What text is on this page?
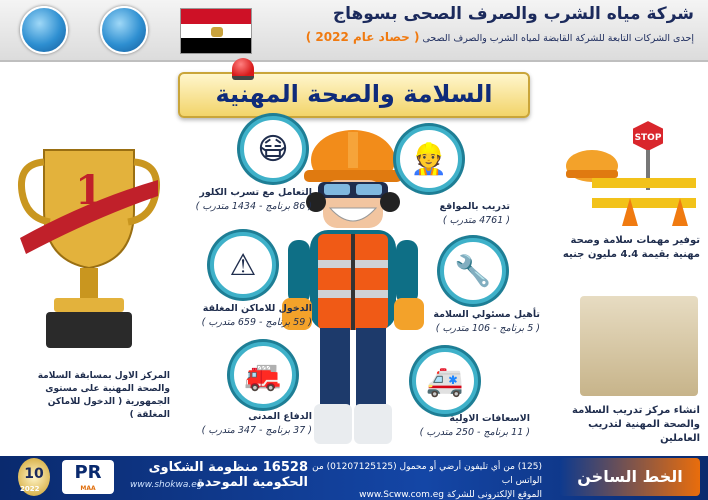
شركة مياه الشرب والصرف الصحى بسوهاج
إحدى الشركات التابعة للشركة القابضة لمياه الشرب والصرف الصحى ( حصاد عام 2022 )
السلامة والصحة المهنية
😷
التعامل مع تسرب الكلور
( 86 برنامج - 1434 متدرب )
👷
تدريب بالمواقع
( 4761 متدرب )
⚠
الدخول للاماكن المغلقة
( 59 برنامج - 659 متدرب )
🔧
تأهيل مسئولي السلامة
( 5 برنامج - 106 متدرب )
🚒
الدفاع المدنى
( 37 برنامج - 347 متدرب )
🚑
الاسعافات الاولية
( 11 برنامج - 250 متدرب )
1
المركز الاول بمسابقة السلامة والصحة المهنية على مستوى الجمهورية ( الدخول للاماكن المغلقة )
STOP
توفير مهمات سلامة وصحة مهنية بقيمة 4.4 مليون جنيه
انشاء مركز تدريب السلامة والصحة المهنية لتدريب العاملين
10
2022
PR
MAA
16528 منظومة الشكاوى الحكومية الموحدة
www.shokwa.eg
(125) من أي تليفون أرضي أو محمول (01207125125) من الواتس اب
الموقع الإلكترونى للشركة www.Scww.com.eg
الخط الساخن
